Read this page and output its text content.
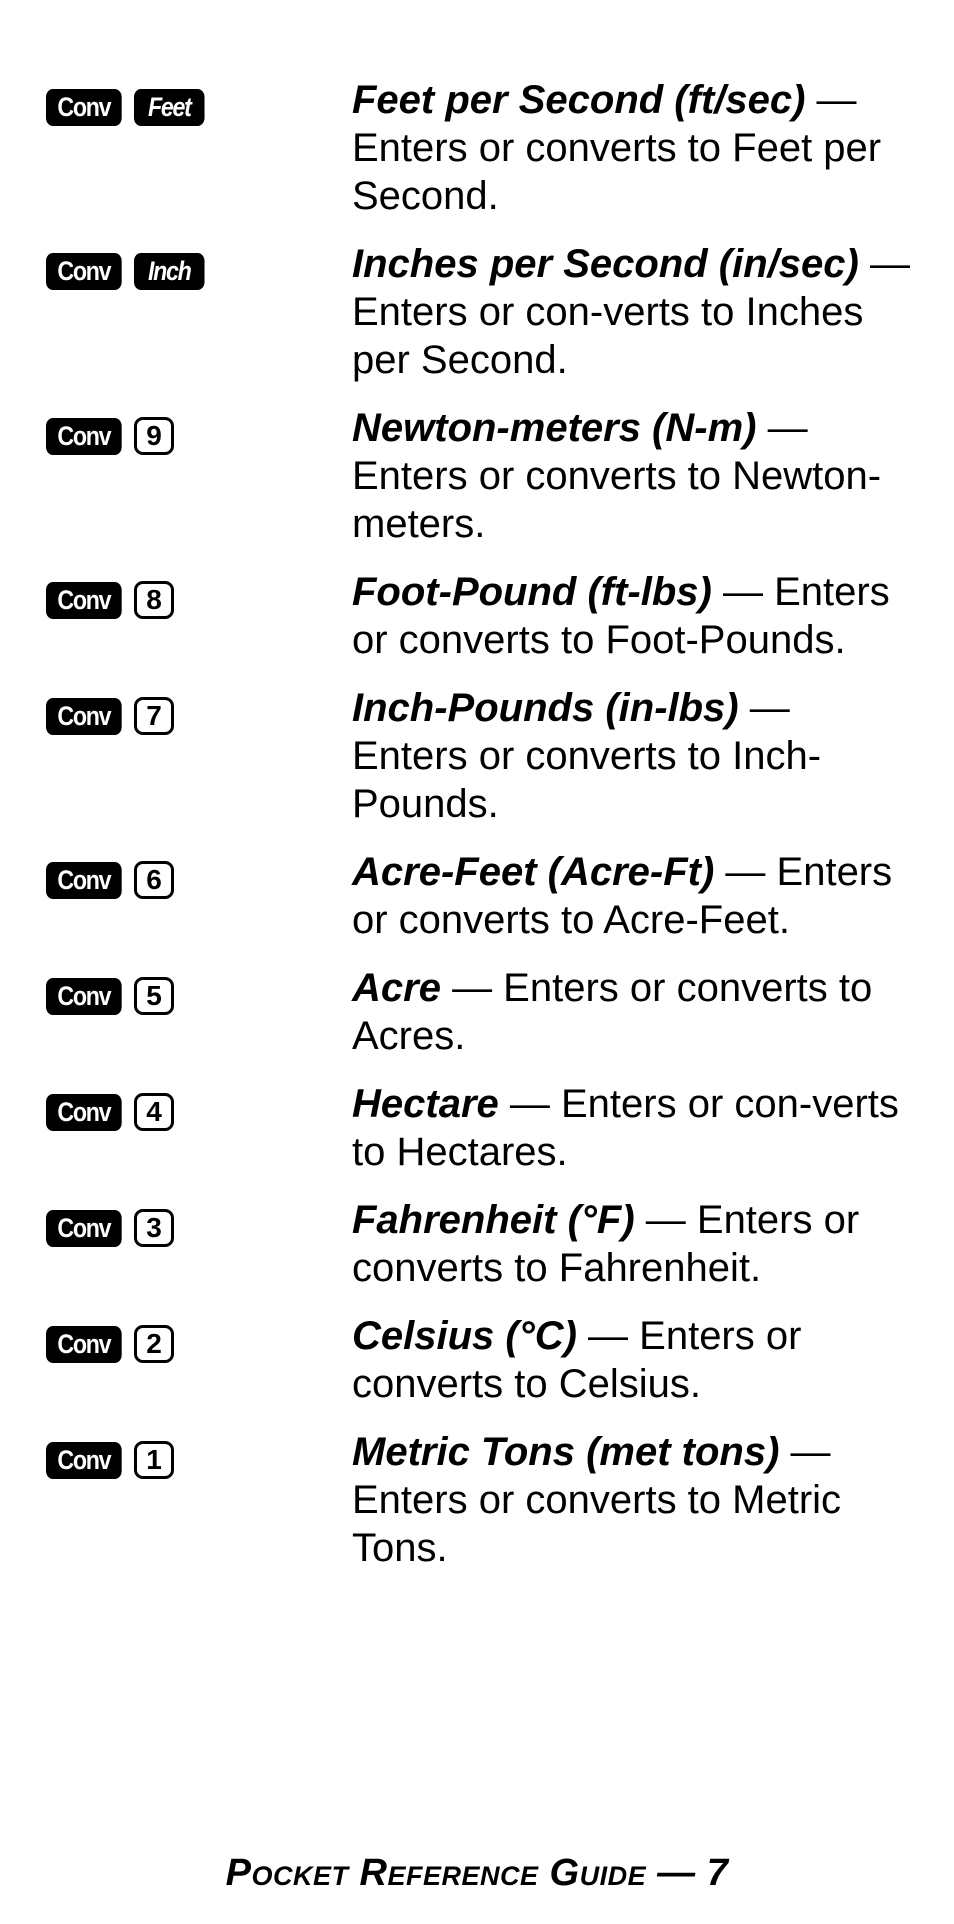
Conv	Feet	Feet per Second (ft/sec) — Enters or converts to Feet per Second.
Conv	Inch	Inches per Second (in/sec) — Enters or con-verts to Inches per Second.
Conv	9	Newton-meters (N-m) — Enters or converts to Newton-meters.
Conv	8	Foot-Pound (ft-lbs) — Enters or converts to Foot-Pounds.
Conv	7	Inch-Pounds (in-lbs) — Enters or converts to Inch-Pounds.
Conv	6	Acre-Feet (Acre-Ft) — Enters or converts to Acre-Feet.
Conv	5	Acre — Enters or converts to Acres.
Conv	4	Hectare — Enters or con-verts to Hectares.
Conv	3	Fahrenheit (°F) — Enters or converts to Fahrenheit.
Conv	2	Celsius (°C) — Enters or converts to Celsius.
Conv	1	Metric Tons (met tons) — Enters or converts to Metric Tons.
Pocket Reference Guide — 7
